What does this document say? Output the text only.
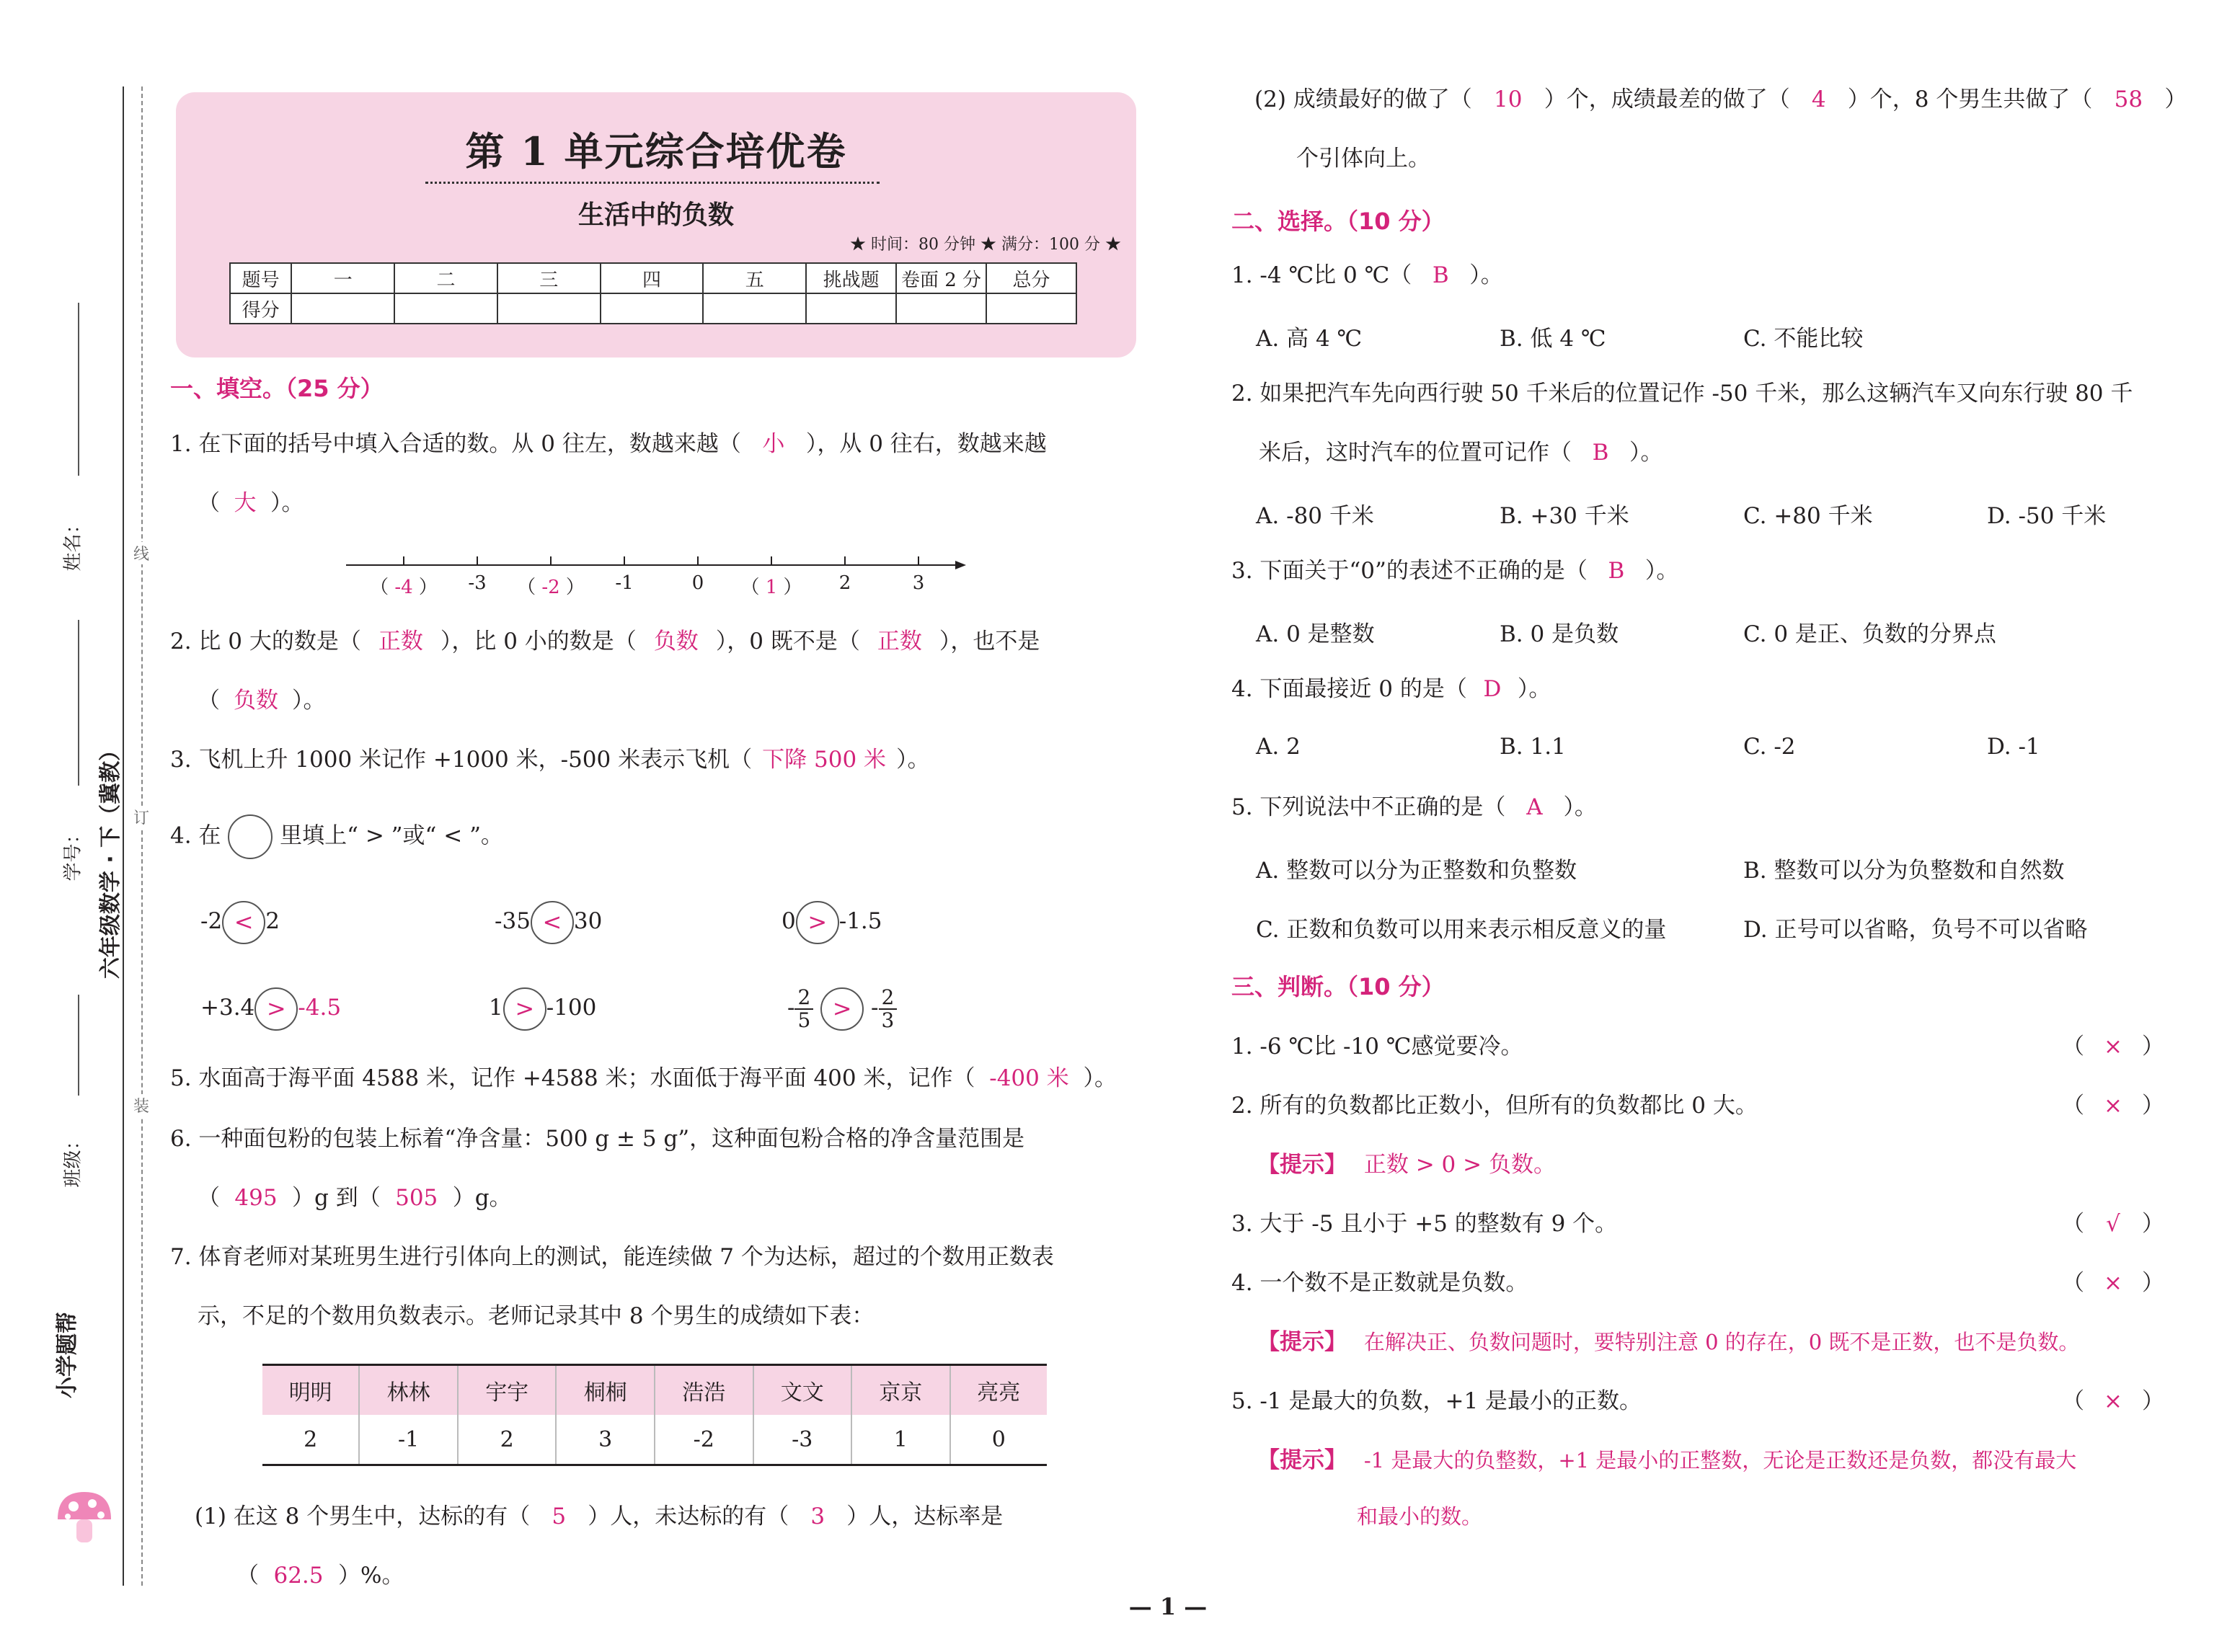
姓名：
学号： 六年级数学 · 下（冀教）
班级：
线
订
装
小学题帮
第 1 单元综合培优卷
生活中的负数
★ 时间：80 分钟 ★ 满分：100 分 ★
题号	一	二	三	四	五	挑战题	卷面 2 分	总分
得分								
一、填空。（25 分）
1. 在下面的括号中填入合适的数。从 0 往左，数越来越（ 小 ），从 0 往右，数越来越
（ 大 ）。
（ -4 ）	-3	（ -2 ）	-1	0	（ 1 ）	2	3
2. 比 0 大的数是（ 正数 ），比 0 小的数是（ 负数 ），0 既不是（ 正数 ），也不是
（ 负数 ）。
3. 飞机上升 1000 米记作 +1000 米，-500 米表示飞机（ 下降 500 米 ）。
4. 在	里填上“ > ”或“ < ”。
-2 < 2	-35 < 30	0 > -1.5
+3.4 > -4.5	1 > -100	- $\frac{2}{5}$ > - $\frac{2}{3}$
5. 水面高于海平面 4588 米，记作 +4588 米；水面低于海平面 400 米，记作（ -400 米 ）。
6. 一种面包粉的包装上标着“净含量：500 g ± 5 g”，这种面包粉合格的净含量范围是
（ 495 ）g 到（ 505 ）g。
7. 体育老师对某班男生进行引体向上的测试，能连续做 7 个为达标，超过的个数用正数表
示，不足的个数用负数表示。老师记录其中 8 个男生的成绩如下表：
明明	林林	宇宇	桐桐	浩浩	文文	京京	亮亮
2	-1	2	3	-2	-3	1	0
(1) 在这 8 个男生中，达标的有（ 5 ）人，未达标的有（ 3 ）人，达标率是
（ 62.5 ）%。
(2) 成绩最好的做了（ 10 ）个，成绩最差的做了（ 4 ）个，8 个男生共做了（ 58 ）
个引体向上。
二、选择。（10 分）
1. -4 ℃比 0 ℃（ B ）。
A. 高 4 ℃	B. 低 4 ℃	C. 不能比较
2. 如果把汽车先向西行驶 50 千米后的位置记作 -50 千米，那么这辆汽车又向东行驶 80 千
米后，这时汽车的位置可记作（ B ）。
A. -80 千米	B. +30 千米	C. +80 千米	D. -50 千米
3. 下面关于“0”的表述不正确的是（ B ）。
A. 0 是整数	B. 0 是负数	C. 0 是正、负数的分界点
4. 下面最接近 0 的是（ D ）。
A. 2	B. 1.1	C. -2	D. -1
5. 下列说法中不正确的是（ A ）。
A. 整数可以分为正整数和负整数	B. 整数可以分为负整数和自然数
C. 正数和负数可以用来表示相反意义的量	D. 正号可以省略，负号不可以省略
三、判断。（10 分）
1. -6 ℃比 -10 ℃感觉要冷。	（ × ）
2. 所有的负数都比正数小，但所有的负数都比 0 大。	（ × ）
【提示】 正数 > 0 > 负数。
3. 大于 -5 且小于 +5 的整数有 9 个。	（ √ ）
4. 一个数不是正数就是负数。	（ × ）
【提示】 在解决正、负数问题时，要特别注意 0 的存在，0 既不是正数，也不是负数。
5. -1 是最大的负数，+1 是最小的正数。	（ × ）
【提示】 -1 是最大的负整数，+1 是最小的正整数，无论是正数还是负数，都没有最大
和最小的数。
— 1 —
